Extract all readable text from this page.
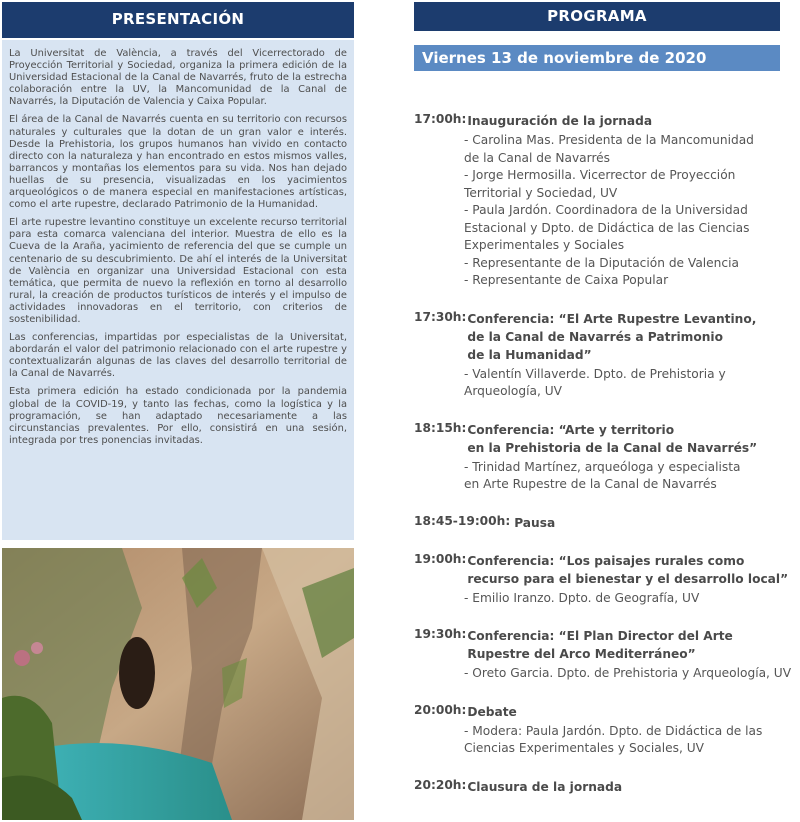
PRESENTACIÓN

La Universitat de València, a través del Vicerrectorado de Proyección Territorial y Sociedad, organiza la primera edición de la Universidad Estacional de la Canal de Navarrés, fruto de la estrecha colaboración entre la UV, la Mancomunidad de la Canal de Navarrés, la Diputación de Valencia y Caixa Popular.

El área de la Canal de Navarrés cuenta en su territorio con recursos naturales y culturales que la dotan de un gran valor e interés. Desde la Prehistoria, los grupos humanos han vivido en contacto directo con la naturaleza y han encontrado en estos mismos valles, barrancos y montañas los elementos para su vida. Nos han dejado huellas de su presencia, visualizadas en los yacimientos arqueológicos o de manera especial en manifestaciones artísticas, como el arte rupestre, declarado Patrimonio de la Humanidad.

El arte rupestre levantino constituye un excelente recurso territorial para esta comarca valenciana del interior. Muestra de ello es la Cueva de la Araña, yacimiento de referencia del que se cumple un centenario de su descubrimiento. De ahí el interés de la Universitat de València en organizar una Universidad Estacional con esta temática, que permita de nuevo la reflexión en torno al desarrollo rural, la creación de productos turísticos de interés y el impulso de actividades innovadoras en el territorio, con criterios de sostenibilidad.

Las conferencias, impartidas por especialistas de la Universitat, abordarán el valor del patrimonio relacionado con el arte rupestre y contextualizarán algunas de las claves del desarrollo territorial de la Canal de Navarrés.

Esta primera edición ha estado condicionada por la pandemia global de la COVID-19, y tanto las fechas, como la logística y la programación, se han adaptado necesariamente a las circunstancias prevalentes. Por ello, consistirá en una sesión, integrada por tres ponencias invitadas.

PROGRAMA
Viernes 13 de noviembre de 2020
17:00h: Inauguración de la jornada
- Carolina Mas. Presidenta de la Mancomunidad
de la Canal de Navarrés
- Jorge Hermosilla. Vicerrector de Proyección
Territorial y Sociedad, UV
- Paula Jardón. Coordinadora de la Universidad
Estacional y Dpto. de Didáctica de las Ciencias
Experimentales y Sociales
- Representante de la Diputación de Valencia
- Representante de Caixa Popular
17:30h: Conferencia: “El Arte Rupestre Levantino,
de la Canal de Navarrés a Patrimonio
de la Humanidad”
- Valentín Villaverde. Dpto. de Prehistoria y
Arqueología, UV
18:15h: Conferencia: “Arte y territorio
en la Prehistoria de la Canal de Navarrés”
- Trinidad Martínez, arqueóloga y especialista
en Arte Rupestre de la Canal de Navarrés
18:45-19:00h: Pausa
19:00h: Conferencia: “Los paisajes rurales como
recurso para el bienestar y el desarrollo local”
- Emilio Iranzo. Dpto. de Geografía, UV
19:30h: Conferencia: “El Plan Director del Arte
Rupestre del Arco Mediterráneo”
- Oreto Garcia. Dpto. de Prehistoria y Arqueología, UV
20:00h: Debate
- Modera: Paula Jardón. Dpto. de Didáctica de las
Ciencias Experimentales y Sociales, UV
20:20h: Clausura de la jornada
